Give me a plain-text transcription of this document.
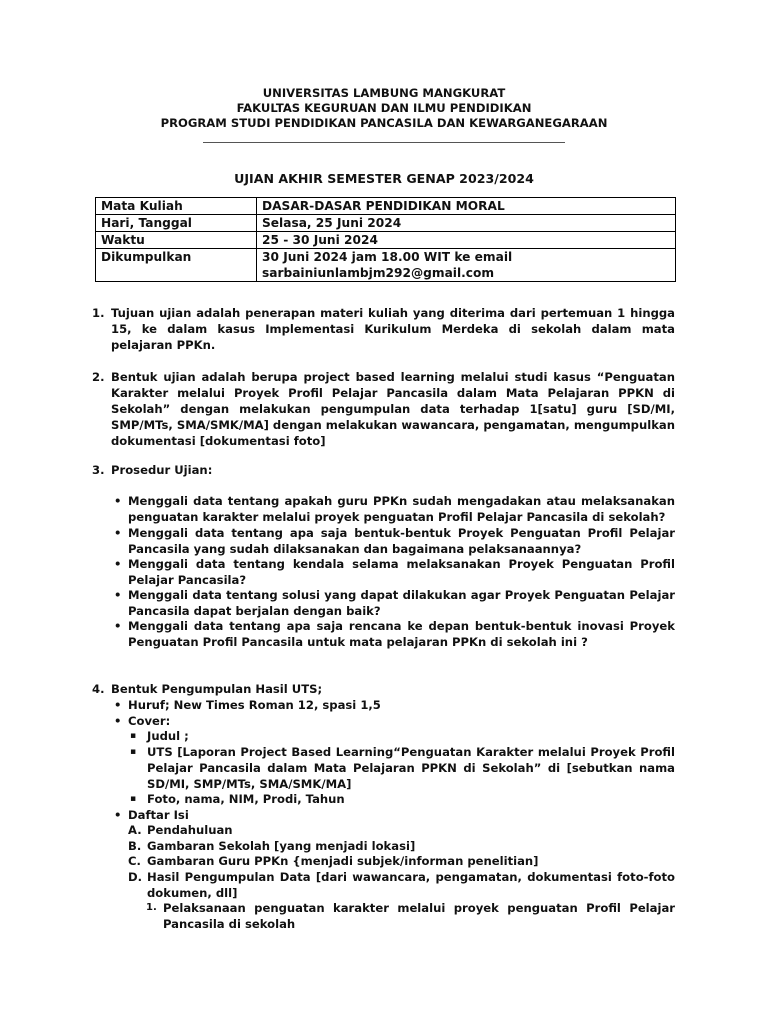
UNIVERSITAS LAMBUNG MANGKURAT
FAKULTAS KEGURUAN DAN ILMU PENDIDIKAN
PROGRAM STUDI PENDIDIKAN PANCASILA DAN KEWARGANEGARAAN
UJIAN AKHIR SEMESTER GENAP 2023/2024
Mata Kuliah	DASAR-DASAR PENDIDIKAN MORAL
Hari, Tanggal	Selasa, 25 Juni 2024
Waktu	25 - 30 Juni 2024
Dikumpulkan	30 Juni 2024 jam 18.00 WIT ke email
sarbainiunlambjm292@gmail.com
1. Tujuan ujian adalah penerapan materi kuliah yang diterima dari pertemuan 1 hingga 15, ke dalam kasus Implementasi Kurikulum Merdeka di sekolah dalam mata pelajaran PPKn.
2. Bentuk ujian adalah berupa project based learning melalui studi kasus “Penguatan Karakter melalui Proyek Profil Pelajar Pancasila dalam Mata Pelajaran PPKN di Sekolah” dengan melakukan pengumpulan data terhadap 1[satu] guru [SD/MI, SMP/MTs, SMA/SMK/MA] dengan melakukan wawancara, pengamatan, mengumpulkan dokumentasi [dokumentasi foto]
3. Prosedur Ujian:
• Menggali data tentang apakah guru PPKn sudah mengadakan atau melaksanakan penguatan karakter melalui proyek penguatan Profil Pelajar Pancasila di sekolah?
• Menggali data tentang apa saja bentuk-bentuk Proyek Penguatan Profil Pelajar Pancasila yang sudah dilaksanakan dan bagaimana pelaksanaannya?
• Menggali data tentang kendala selama melaksanakan Proyek Penguatan Profil Pelajar Pancasila?
• Menggali data tentang solusi yang dapat dilakukan agar Proyek Penguatan Pelajar Pancasila dapat berjalan dengan baik?
• Menggali data tentang apa saja rencana ke depan bentuk-bentuk inovasi Proyek Penguatan Profil Pancasila untuk mata pelajaran PPKn di sekolah ini ?
4. Bentuk Pengumpulan Hasil UTS;
• Huruf; New Times Roman 12, spasi 1,5
• Cover:
▪ Judul ;
▪ UTS [Laporan Project Based Learning“Penguatan Karakter melalui Proyek Profil Pelajar Pancasila dalam Mata Pelajaran PPKN di Sekolah” di [sebutkan nama SD/MI, SMP/MTs, SMA/SMK/MA]
▪ Foto, nama, NIM, Prodi, Tahun
• Daftar Isi
A. Pendahuluan
B. Gambaran Sekolah [yang menjadi lokasi]
C. Gambaran Guru PPKn {menjadi subjek/informan penelitian]
D. Hasil Pengumpulan Data [dari wawancara, pengamatan, dokumentasi foto-foto dokumen, dll]
1. Pelaksanaan penguatan karakter melalui proyek penguatan Profil Pelajar Pancasila di sekolah
